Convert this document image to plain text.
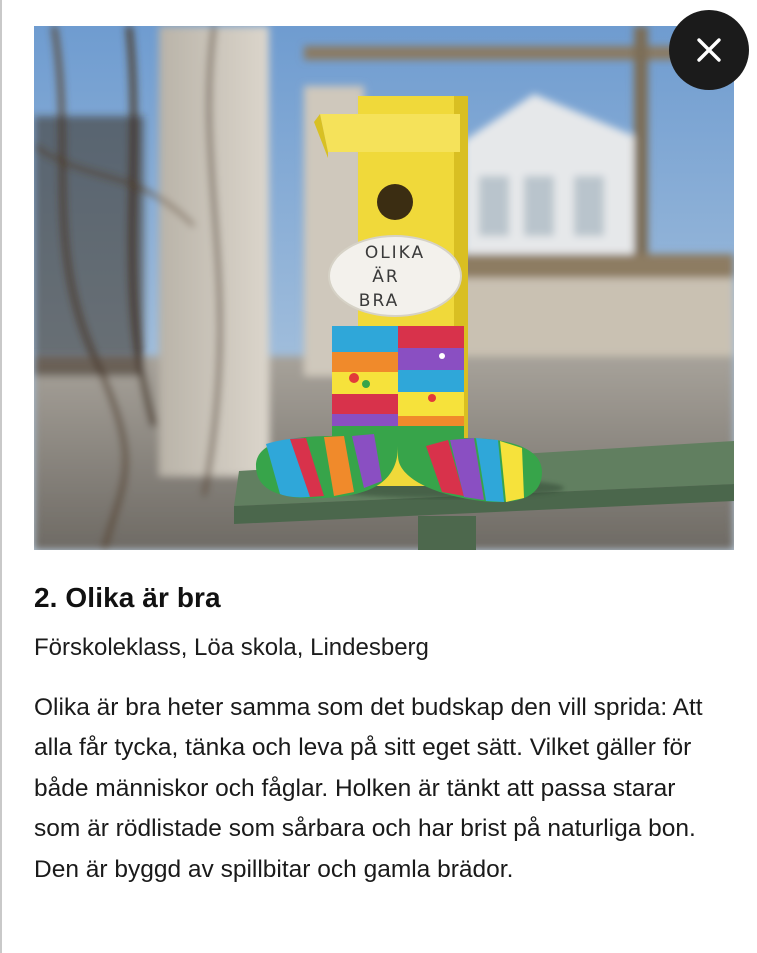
OLIKA
ÄR
BRA
2. Olika är bra

Förskoleklass, Löa skola, Lindesberg

Olika är bra heter samma som det budskap den vill sprida: Att alla får tycka, tänka och leva på sitt eget sätt. Vilket gäller för både människor och fåglar. Holken är tänkt att passa starar som är rödlistade som sårbara och har brist på naturliga bon. Den är byggd av spillbitar och gamla brädor.
